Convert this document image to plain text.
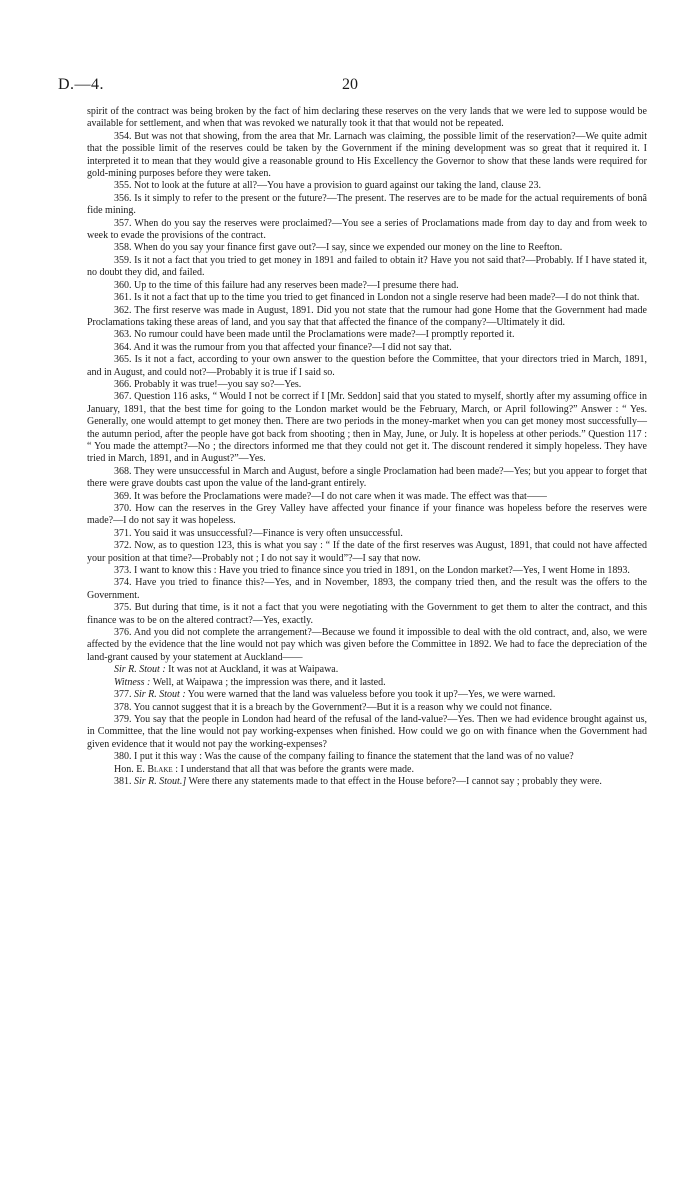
D.—4.	20

spirit of the contract was being broken by the fact of him declaring these reserves on the very lands that we were led to suppose would be available for settlement, and when that was revoked we naturally took it that that would not be repeated.

354. But was not that showing, from the area that Mr. Larnach was claiming, the possible limit of the reservation?—We quite admit that the possible limit of the reserves could be taken by the Government if the mining development was so great that it required it. I interpreted it to mean that they would give a reasonable ground to His Excellency the Governor to show that these lands were required for gold-mining purposes before they were taken.

355. Not to look at the future at all?—You have a provision to guard against our taking the land, clause 23.

356. Is it simply to refer to the present or the future?—The present. The reserves are to be made for the actual requirements of bonâ fide mining.

357. When do you say the reserves were proclaimed?—You see a series of Proclamations made from day to day and from week to week to evade the provisions of the contract.

358. When do you say your finance first gave out?—I say, since we expended our money on the line to Reefton.

359. Is it not a fact that you tried to get money in 1891 and failed to obtain it? Have you not said that?—Probably. If I have stated it, no doubt they did, and failed.

360. Up to the time of this failure had any reserves been made?—I presume there had.

361. Is it not a fact that up to the time you tried to get financed in London not a single reserve had been made?—I do not think that.

362. The first reserve was made in August, 1891. Did you not state that the rumour had gone Home that the Government had made Proclamations taking these areas of land, and you say that that affected the finance of the company?—Ultimately it did.

363. No rumour could have been made until the Proclamations were made?—I promptly reported it.

364. And it was the rumour from you that affected your finance?—I did not say that.

365. Is it not a fact, according to your own answer to the question before the Committee, that your directors tried in March, 1891, and in August, and could not?—Probably it is true if I said so.

366. Probably it was true!—you say so?—Yes.

367. Question 116 asks, “ Would I not be correct if I [Mr. Seddon] said that you stated to myself, shortly after my assuming office in January, 1891, that the best time for going to the London market would be the February, March, or April following?” Answer : “ Yes. Generally, one would attempt to get money then. There are two periods in the money-market when you can get money most successfully—the autumn period, after the people have got back from shooting ; then in May, June, or July. It is hopeless at other periods.” Question 117 : “ You made the attempt?—No ; the directors informed me that they could not get it. The discount rendered it simply hopeless. They have tried in March, 1891, and in August?”—Yes.

368. They were unsuccessful in March and August, before a single Proclamation had been made?—Yes; but you appear to forget that there were grave doubts cast upon the value of the land-grant entirely.

369. It was before the Proclamations were made?—I do not care when it was made. The effect was that——

370. How can the reserves in the Grey Valley have affected your finance if your finance was hopeless before the reserves were made?—I do not say it was hopeless.

371. You said it was unsuccessful?—Finance is very often unsuccessful.

372. Now, as to question 123, this is what you say : “ If the date of the first reserves was August, 1891, that could not have affected your position at that time?—Probably not ; I do not say it would”?—I say that now.

373. I want to know this : Have you tried to finance since you tried in 1891, on the London market?—Yes, I went Home in 1893.

374. Have you tried to finance this?—Yes, and in November, 1893, the company tried then, and the result was the offers to the Government.

375. But during that time, is it not a fact that you were negotiating with the Government to get them to alter the contract, and this finance was to be on the altered contract?—Yes, exactly.

376. And you did not complete the arrangement?—Because we found it impossible to deal with the old contract, and, also, we were affected by the evidence that the line would not pay which was given before the Committee in 1892. We had to face the depreciation of the land-grant caused by your statement at Auckland——

Sir R. Stout : It was not at Auckland, it was at Waipawa.

Witness : Well, at Waipawa ; the impression was there, and it lasted.

377. Sir R. Stout : You were warned that the land was valueless before you took it up?—Yes, we were warned.

378. You cannot suggest that it is a breach by the Government?—But it is a reason why we could not finance.

379. You say that the people in London had heard of the refusal of the land-value?—Yes. Then we had evidence brought against us, in Committee, that the line would not pay working-expenses when finished. How could we go on with finance when the Government had given evidence that it would not pay the working-expenses?

380. I put it this way : Was the cause of the company failing to finance the statement that the land was of no value?

Hon. E. Blake : I understand that all that was before the grants were made.

381. Sir R. Stout.] Were there any statements made to that effect in the House before?—I cannot say ; probably they were.
